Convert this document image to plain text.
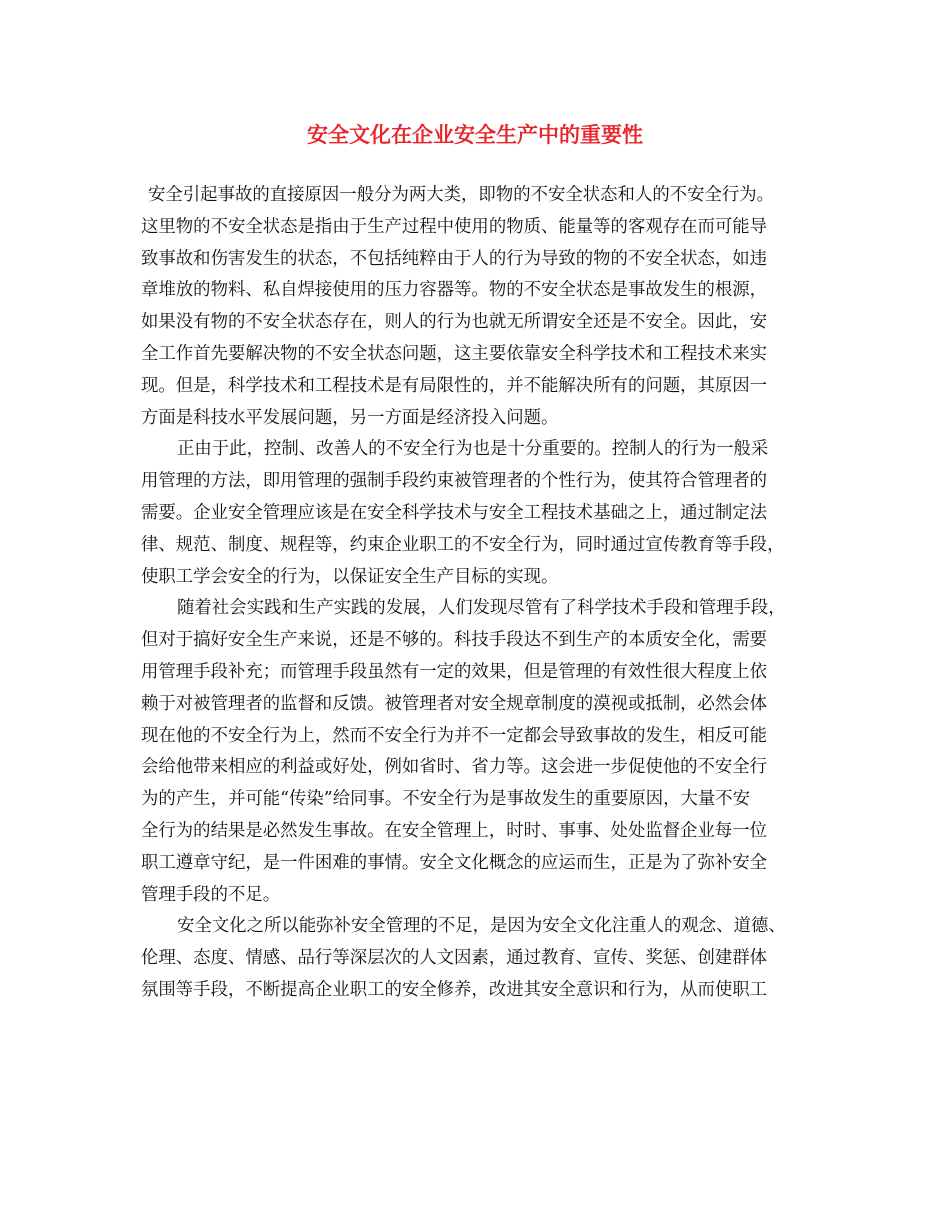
安全文化在企业安全生产中的重要性
安全引起事故的直接原因一般分为两大类，即物的不安全状态和人的不安全行为。
这里物的不安全状态是指由于生产过程中使用的物质、能量等的客观存在而可能导
致事故和伤害发生的状态，不包括纯粹由于人的行为导致的物的不安全状态，如违
章堆放的物料、私自焊接使用的压力容器等。物的不安全状态是事故发生的根源，
如果没有物的不安全状态存在，则人的行为也就无所谓安全还是不安全。因此，安
全工作首先要解决物的不安全状态问题，这主要依靠安全科学技术和工程技术来实
现。但是，科学技术和工程技术是有局限性的，并不能解决所有的问题，其原因一
方面是科技水平发展问题，另一方面是经济投入问题。
正由于此，控制、改善人的不安全行为也是十分重要的。控制人的行为一般采
用管理的方法，即用管理的强制手段约束被管理者的个性行为，使其符合管理者的
需要。企业安全管理应该是在安全科学技术与安全工程技术基础之上，通过制定法
律、规范、制度、规程等，约束企业职工的不安全行为，同时通过宣传教育等手段，
使职工学会安全的行为，以保证安全生产目标的实现。
随着社会实践和生产实践的发展，人们发现尽管有了科学技术手段和管理手段，
但对于搞好安全生产来说，还是不够的。科技手段达不到生产的本质安全化，需要
用管理手段补充；而管理手段虽然有一定的效果，但是管理的有效性很大程度上依
赖于对被管理者的监督和反馈。被管理者对安全规章制度的漠视或抵制，必然会体
现在他的不安全行为上，然而不安全行为并不一定都会导致事故的发生，相反可能
会给他带来相应的利益或好处，例如省时、省力等。这会进一步促使他的不安全行
为的产生，并可能“传染”给同事。不安全行为是事故发生的重要原因，大量不安
全行为的结果是必然发生事故。在安全管理上，时时、事事、处处监督企业每一位
职工遵章守纪，是一件困难的事情。安全文化概念的应运而生，正是为了弥补安全
管理手段的不足。
安全文化之所以能弥补安全管理的不足，是因为安全文化注重人的观念、道德、
伦理、态度、情感、品行等深层次的人文因素，通过教育、宣传、奖惩、创建群体
氛围等手段，不断提高企业职工的安全修养，改进其安全意识和行为，从而使职工
